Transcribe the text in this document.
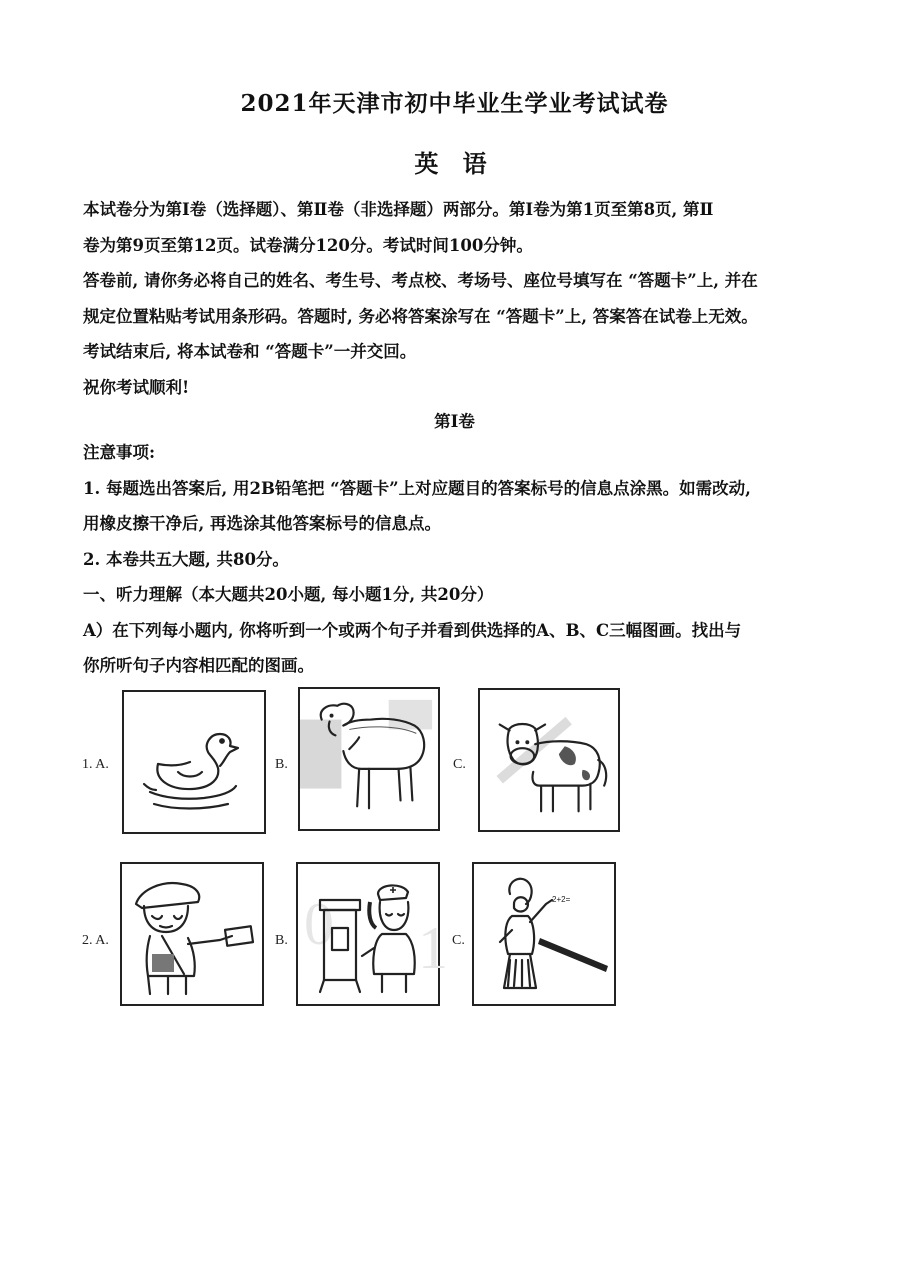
2021年天津市初中毕业生学业考试试卷
英 语
本试卷分为第Ⅰ卷（选择题）、第Ⅱ卷（非选择题）两部分。第Ⅰ卷为第1页至第8页, 第Ⅱ
卷为第9页至第12页。试卷满分120分。考试时间100分钟。
答卷前, 请你务必将自己的姓名、考生号、考点校、考场号、座位号填写在 “答题卡”上, 并在
规定位置粘贴考试用条形码。答题时, 务必将答案涂写在 “答题卡”上, 答案答在试卷上无效。
考试结束后, 将本试卷和 “答题卡”一并交回。
祝你考试顺利!
第Ⅰ卷
注意事项:
1. 每题选出答案后, 用2B铅笔把 “答题卡”上对应题目的答案标号的信息点涂黑。如需改动,
用橡皮擦干净后, 再选涂其他答案标号的信息点。
2. 本卷共五大题, 共80分。
一、听力理解（本大题共20小题, 每小题1分, 共20分）
A）在下列每小题内, 你将听到一个或两个句子并看到供选择的A、B、C三幅图画。找出与
你所听句子内容相匹配的图画。
1. A.	B.	C.
2. A.	B. 0 1 C.
2+2=
